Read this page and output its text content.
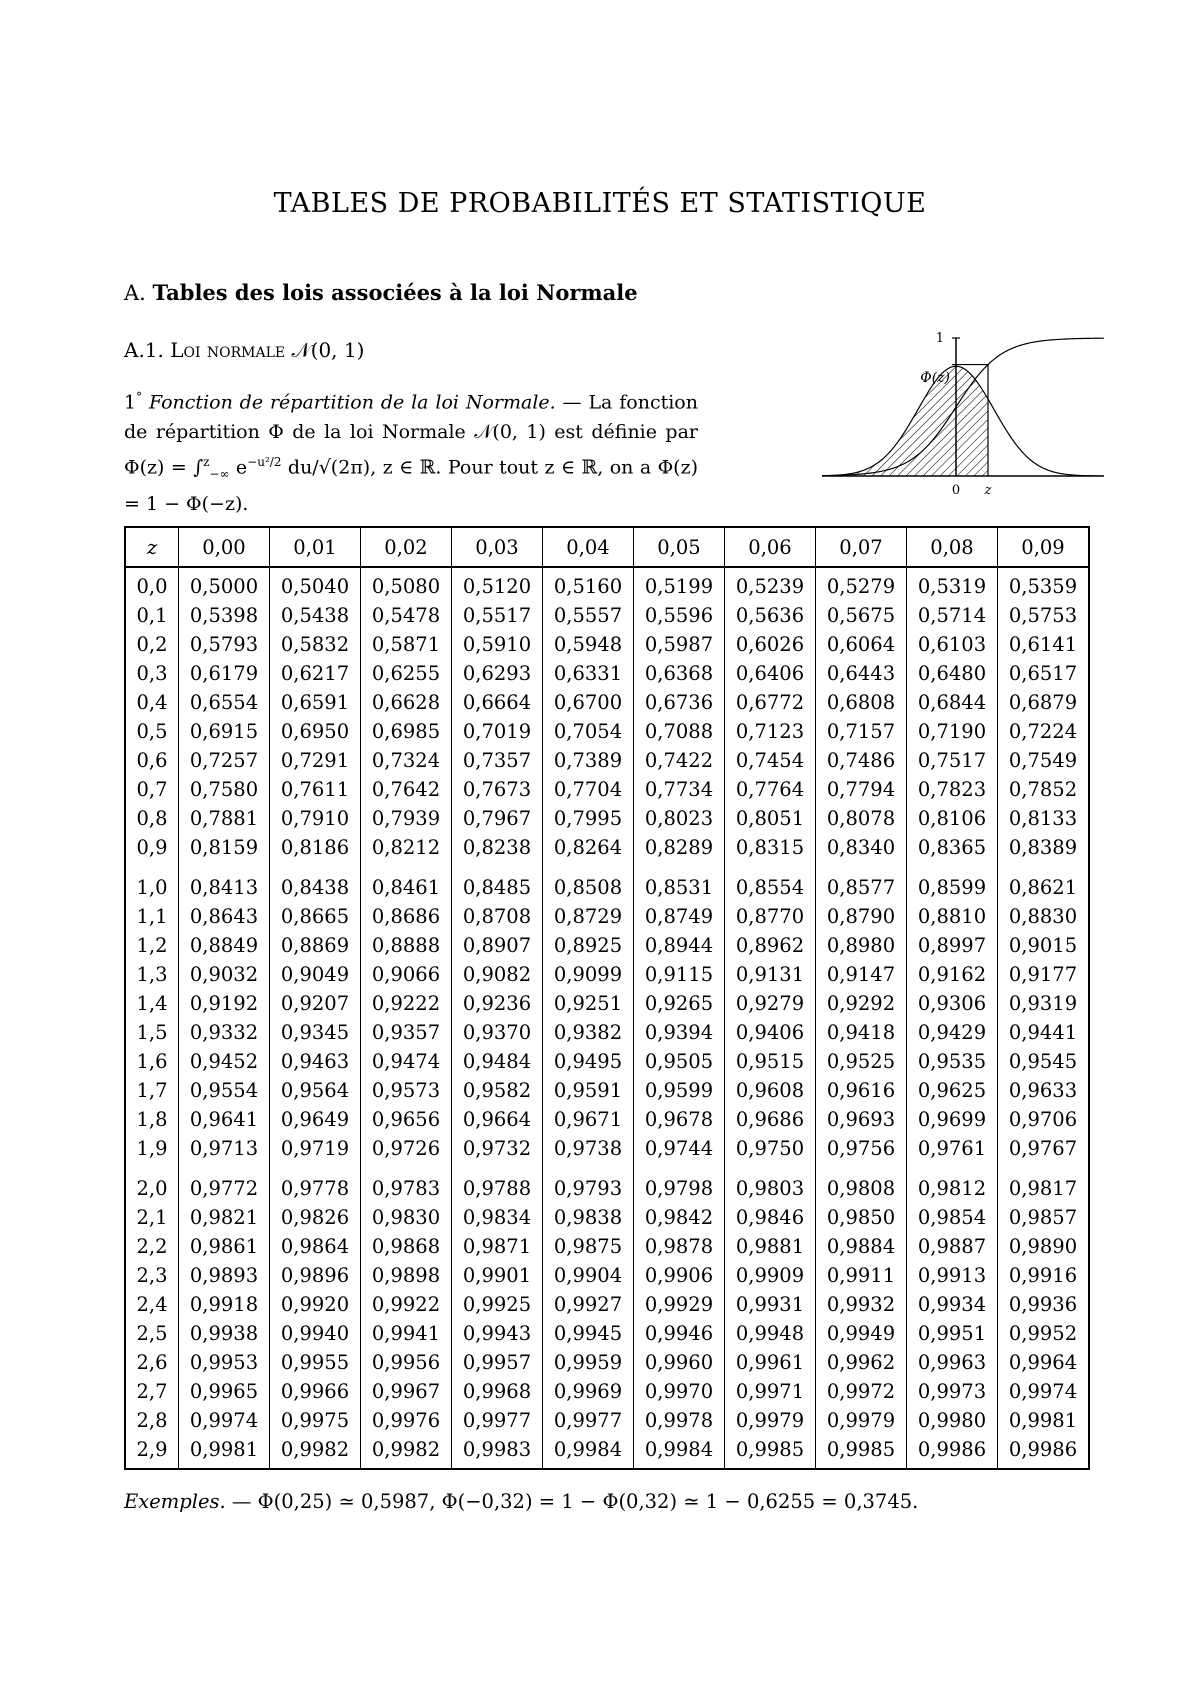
TABLES DE PROBABILITÉS ET STATISTIQUE
A. Tables des lois associées à la loi Normale
A.1. Loi normale 𝒩(0, 1)
1° Fonction de répartition de la loi Normale. — La fonction de répartition Φ de la loi Normale 𝒩(0, 1) est définie par Φ(z) = ∫$^z_{-\infty}$ $e^{-u^2/2}$ du/√(2π), z ∈ ℝ. Pour tout z ∈ ℝ, on a Φ(z) = 1 − Φ(−z).
1
Φ(z)
0 z
z	0,00	0,01	0,02	0,03	0,04	0,05	0,06	0,07	0,08	0,09
0,0	0,5000	0,5040	0,5080	0,5120	0,5160	0,5199	0,5239	0,5279	0,5319	0,5359
0,1	0,5398	0,5438	0,5478	0,5517	0,5557	0,5596	0,5636	0,5675	0,5714	0,5753
0,2	0,5793	0,5832	0,5871	0,5910	0,5948	0,5987	0,6026	0,6064	0,6103	0,6141
0,3	0,6179	0,6217	0,6255	0,6293	0,6331	0,6368	0,6406	0,6443	0,6480	0,6517
0,4	0,6554	0,6591	0,6628	0,6664	0,6700	0,6736	0,6772	0,6808	0,6844	0,6879
0,5	0,6915	0,6950	0,6985	0,7019	0,7054	0,7088	0,7123	0,7157	0,7190	0,7224
0,6	0,7257	0,7291	0,7324	0,7357	0,7389	0,7422	0,7454	0,7486	0,7517	0,7549
0,7	0,7580	0,7611	0,7642	0,7673	0,7704	0,7734	0,7764	0,7794	0,7823	0,7852
0,8	0,7881	0,7910	0,7939	0,7967	0,7995	0,8023	0,8051	0,8078	0,8106	0,8133
0,9	0,8159	0,8186	0,8212	0,8238	0,8264	0,8289	0,8315	0,8340	0,8365	0,8389
1,0	0,8413	0,8438	0,8461	0,8485	0,8508	0,8531	0,8554	0,8577	0,8599	0,8621
1,1	0,8643	0,8665	0,8686	0,8708	0,8729	0,8749	0,8770	0,8790	0,8810	0,8830
1,2	0,8849	0,8869	0,8888	0,8907	0,8925	0,8944	0,8962	0,8980	0,8997	0,9015
1,3	0,9032	0,9049	0,9066	0,9082	0,9099	0,9115	0,9131	0,9147	0,9162	0,9177
1,4	0,9192	0,9207	0,9222	0,9236	0,9251	0,9265	0,9279	0,9292	0,9306	0,9319
1,5	0,9332	0,9345	0,9357	0,9370	0,9382	0,9394	0,9406	0,9418	0,9429	0,9441
1,6	0,9452	0,9463	0,9474	0,9484	0,9495	0,9505	0,9515	0,9525	0,9535	0,9545
1,7	0,9554	0,9564	0,9573	0,9582	0,9591	0,9599	0,9608	0,9616	0,9625	0,9633
1,8	0,9641	0,9649	0,9656	0,9664	0,9671	0,9678	0,9686	0,9693	0,9699	0,9706
1,9	0,9713	0,9719	0,9726	0,9732	0,9738	0,9744	0,9750	0,9756	0,9761	0,9767
2,0	0,9772	0,9778	0,9783	0,9788	0,9793	0,9798	0,9803	0,9808	0,9812	0,9817
2,1	0,9821	0,9826	0,9830	0,9834	0,9838	0,9842	0,9846	0,9850	0,9854	0,9857
2,2	0,9861	0,9864	0,9868	0,9871	0,9875	0,9878	0,9881	0,9884	0,9887	0,9890
2,3	0,9893	0,9896	0,9898	0,9901	0,9904	0,9906	0,9909	0,9911	0,9913	0,9916
2,4	0,9918	0,9920	0,9922	0,9925	0,9927	0,9929	0,9931	0,9932	0,9934	0,9936
2,5	0,9938	0,9940	0,9941	0,9943	0,9945	0,9946	0,9948	0,9949	0,9951	0,9952
2,6	0,9953	0,9955	0,9956	0,9957	0,9959	0,9960	0,9961	0,9962	0,9963	0,9964
2,7	0,9965	0,9966	0,9967	0,9968	0,9969	0,9970	0,9971	0,9972	0,9973	0,9974
2,8	0,9974	0,9975	0,9976	0,9977	0,9977	0,9978	0,9979	0,9979	0,9980	0,9981
2,9	0,9981	0,9982	0,9982	0,9983	0,9984	0,9984	0,9985	0,9985	0,9986	0,9986
Exemples. — Φ(0,25) ≃ 0,5987, Φ(−0,32) = 1 − Φ(0,32) ≃ 1 − 0,6255 = 0,3745.
